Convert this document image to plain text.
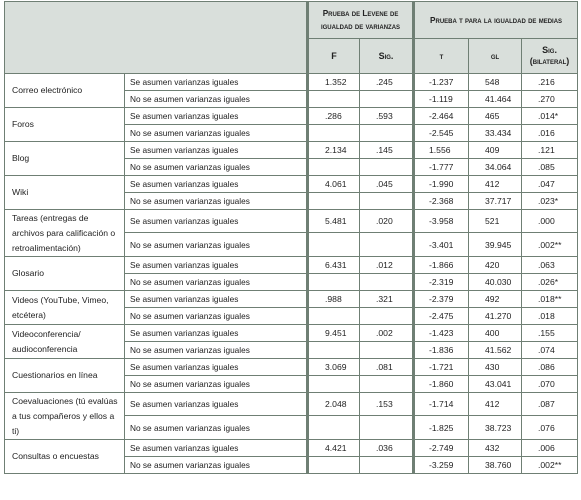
		Prueba de Levene de igualdad de varianzas		Prueba t para la igualdad de medias		
		F	Sig.	t	gl	Sig. (bilateral)
Correo electrónico	Se asumen varianzas iguales	1.352	.245	-1.237	548	.216
	No se asumen varianzas iguales			-1.119	41.464	.270
Foros	Se asumen varianzas iguales	.286	.593	-2.464	465	.014*
	No se asumen varianzas iguales			-2.545	33.434	.016
Blog	Se asumen varianzas iguales	2.134	.145	1.556	409	.121
	No se asumen varianzas iguales			-1.777	34.064	.085
Wiki	Se asumen varianzas iguales	4.061	.045	-1.990	412	.047
	No se asumen varianzas iguales			-2.368	37.717	.023*
Tareas (entregas de archivos para calificación o retroalimentación)	Se asumen varianzas iguales	5.481	.020	-3.958	521	.000
	No se asumen varianzas iguales			-3.401	39.945	.002**
Glosario	Se asumen varianzas iguales	6.431	.012	-1.866	420	.063
	No se asumen varianzas iguales			-2.319	40.030	.026*
Videos (YouTube, Vimeo, etcétera)	Se asumen varianzas iguales	.988	.321	-2.379	492	.018**
	No se asumen varianzas iguales			-2.475	41.270	.018
Videoconferencia/ audioconferencia	Se asumen varianzas iguales	9.451	.002	-1.423	400	.155
	No se asumen varianzas iguales			-1.836	41.562	.074
Cuestionarios en línea	Se asumen varianzas iguales	3.069	.081	-1.721	430	.086
	No se asumen varianzas iguales			-1.860	43.041	.070
Coevaluaciones (tú evalúas a tus compañeros y ellos a ti)	Se asumen varianzas iguales	2.048	.153	-1.714	412	.087
	No se asumen varianzas iguales			-1.825	38.723	.076
Consultas o encuestas	Se asumen varianzas iguales	4.421	.036	-2.749	432	.006
	No se asumen varianzas iguales			-3.259	38.760	.002**
